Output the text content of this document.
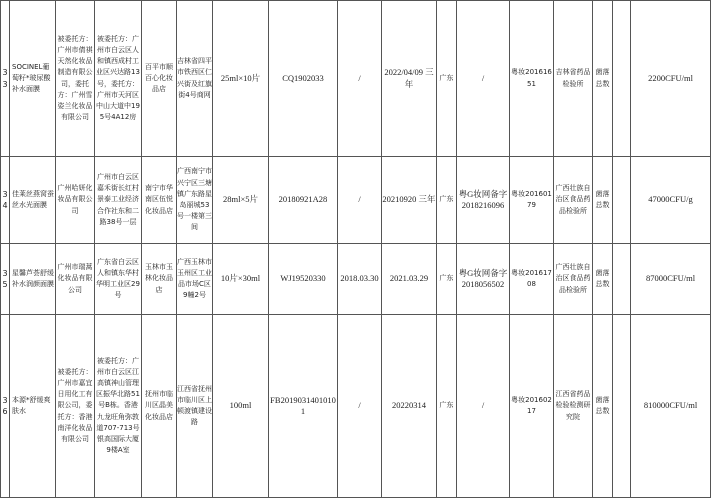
33	SOCINEL葡萄籽*玻尿酸补水面膜	被委托方：广州市倩祺天然化妆品制造有限公司，委托方：广州雪姿兰化妆品有限公司	被委托方：广州市白云区人和镇西成村工业区兴达路13号，委托方：广州市天河区中山大道中195号4A12房	百平市顺百心化妆品店	吉林省四平市铁西区仁兴街及红旗街4号商网	25ml×10片	CQ1902033	/	2022/04/09 三年	广东	/	粤妆20161651	吉林省药品检验所	菌落总数		2200CFU/ml
34	佳莱丝燕窝蚕丝水光面膜	广州哈妍化妆品有限公司	广州市白云区嘉禾街长红村景泰工业经济合作社东和二路38号一层	南宁市华南区伍悦化妆品店	广西南宁市兴宁区三塘镇广东路星岛丽城53号一楼第三间	28ml×5片	20180921A28	/	20210920 三年	广东	粤G妆网备字2018216096	粤妆20160179	广西壮族自治区食品药品检验所	菌落总数		47000CFU/g
35	星馨芦荟舒缓补水润颜面膜	广州市瑞蒿化妆品有限公司	广东省白云区人和镇东华村华明工业区29号	玉林市玉林化妆品店	广西玉林市玉州区工业品市场C区9幢2号	10片×30ml	WJ19520330	2018.03.30	2021.03.29	广东	粤G妆网备字2018056502	粤妆20161708	广西壮族自治区食品药品检验所	菌落总数		87000CFU/ml
36	本源*舒缓爽肤水	被委托方：广州市嘉宜日用化工有限公司，委托方：香港南洋化妆品有限公司	被委托方：广州市白云区江高镇神山管理区振华北路51号B栋。香港九龙旺角弥敦道707-713号银高国际大厦9楼A室	抚州市临川区晶美化妆品店	江西省抚州市临川区上顿渡镇建设路	100ml	FB20190314010101	/	20220314	广东	/	粤妆20160217	江西省药品检验检测研究院	菌落总数		810000CFU/ml
